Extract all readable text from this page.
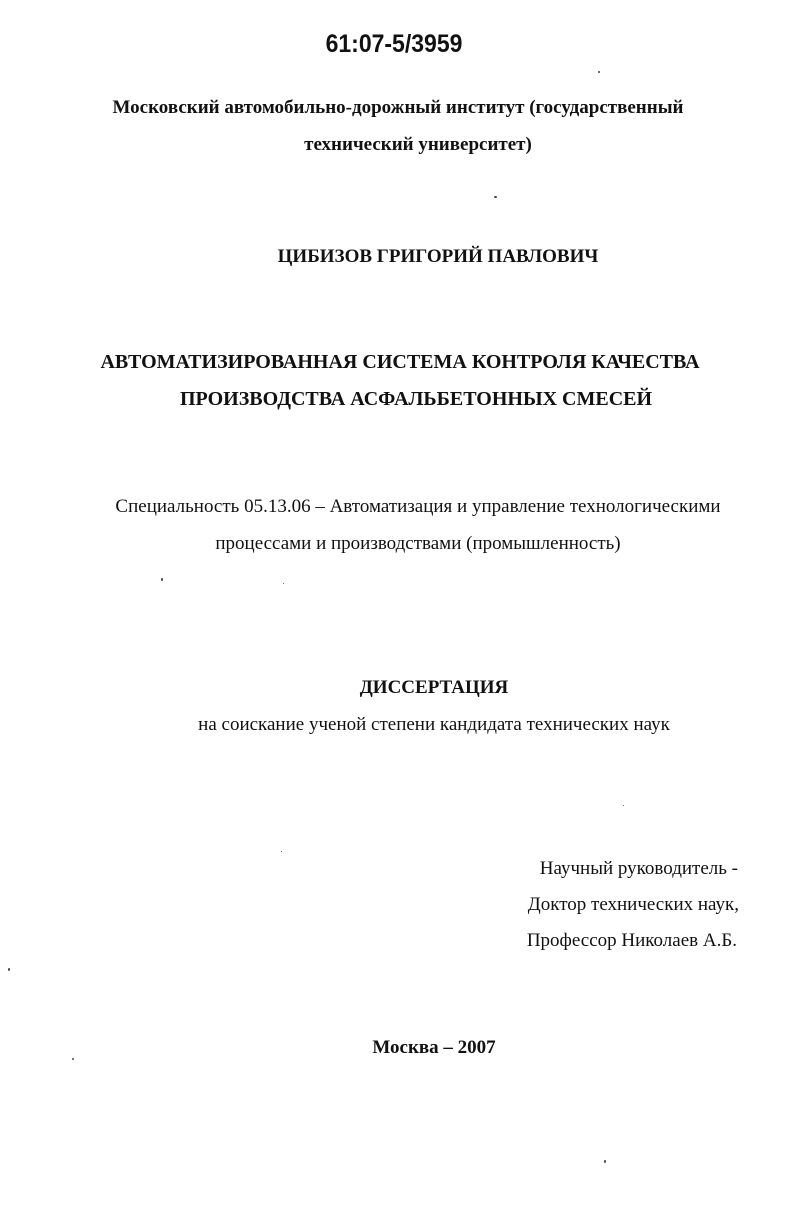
61:07-5/3959
Московский автомобильно-дорожный институт (государственный
технический университет)
ЦИБИЗОВ ГРИГОРИЙ ПАВЛОВИЧ
АВТОМАТИЗИРОВАННАЯ СИСТЕМА КОНТРОЛЯ КАЧЕСТВА
ПРОИЗВОДСТВА АСФАЛЬБЕТОННЫХ СМЕСЕЙ
Специальность 05.13.06 – Автоматизация и управление технологическими
процессами и производствами (промышленность)
ДИССЕРТАЦИЯ
на соискание ученой степени кандидата технических наук
Научный руководитель -
Доктор технических наук,
Профессор Николаев А.Б.
Москва – 2007
